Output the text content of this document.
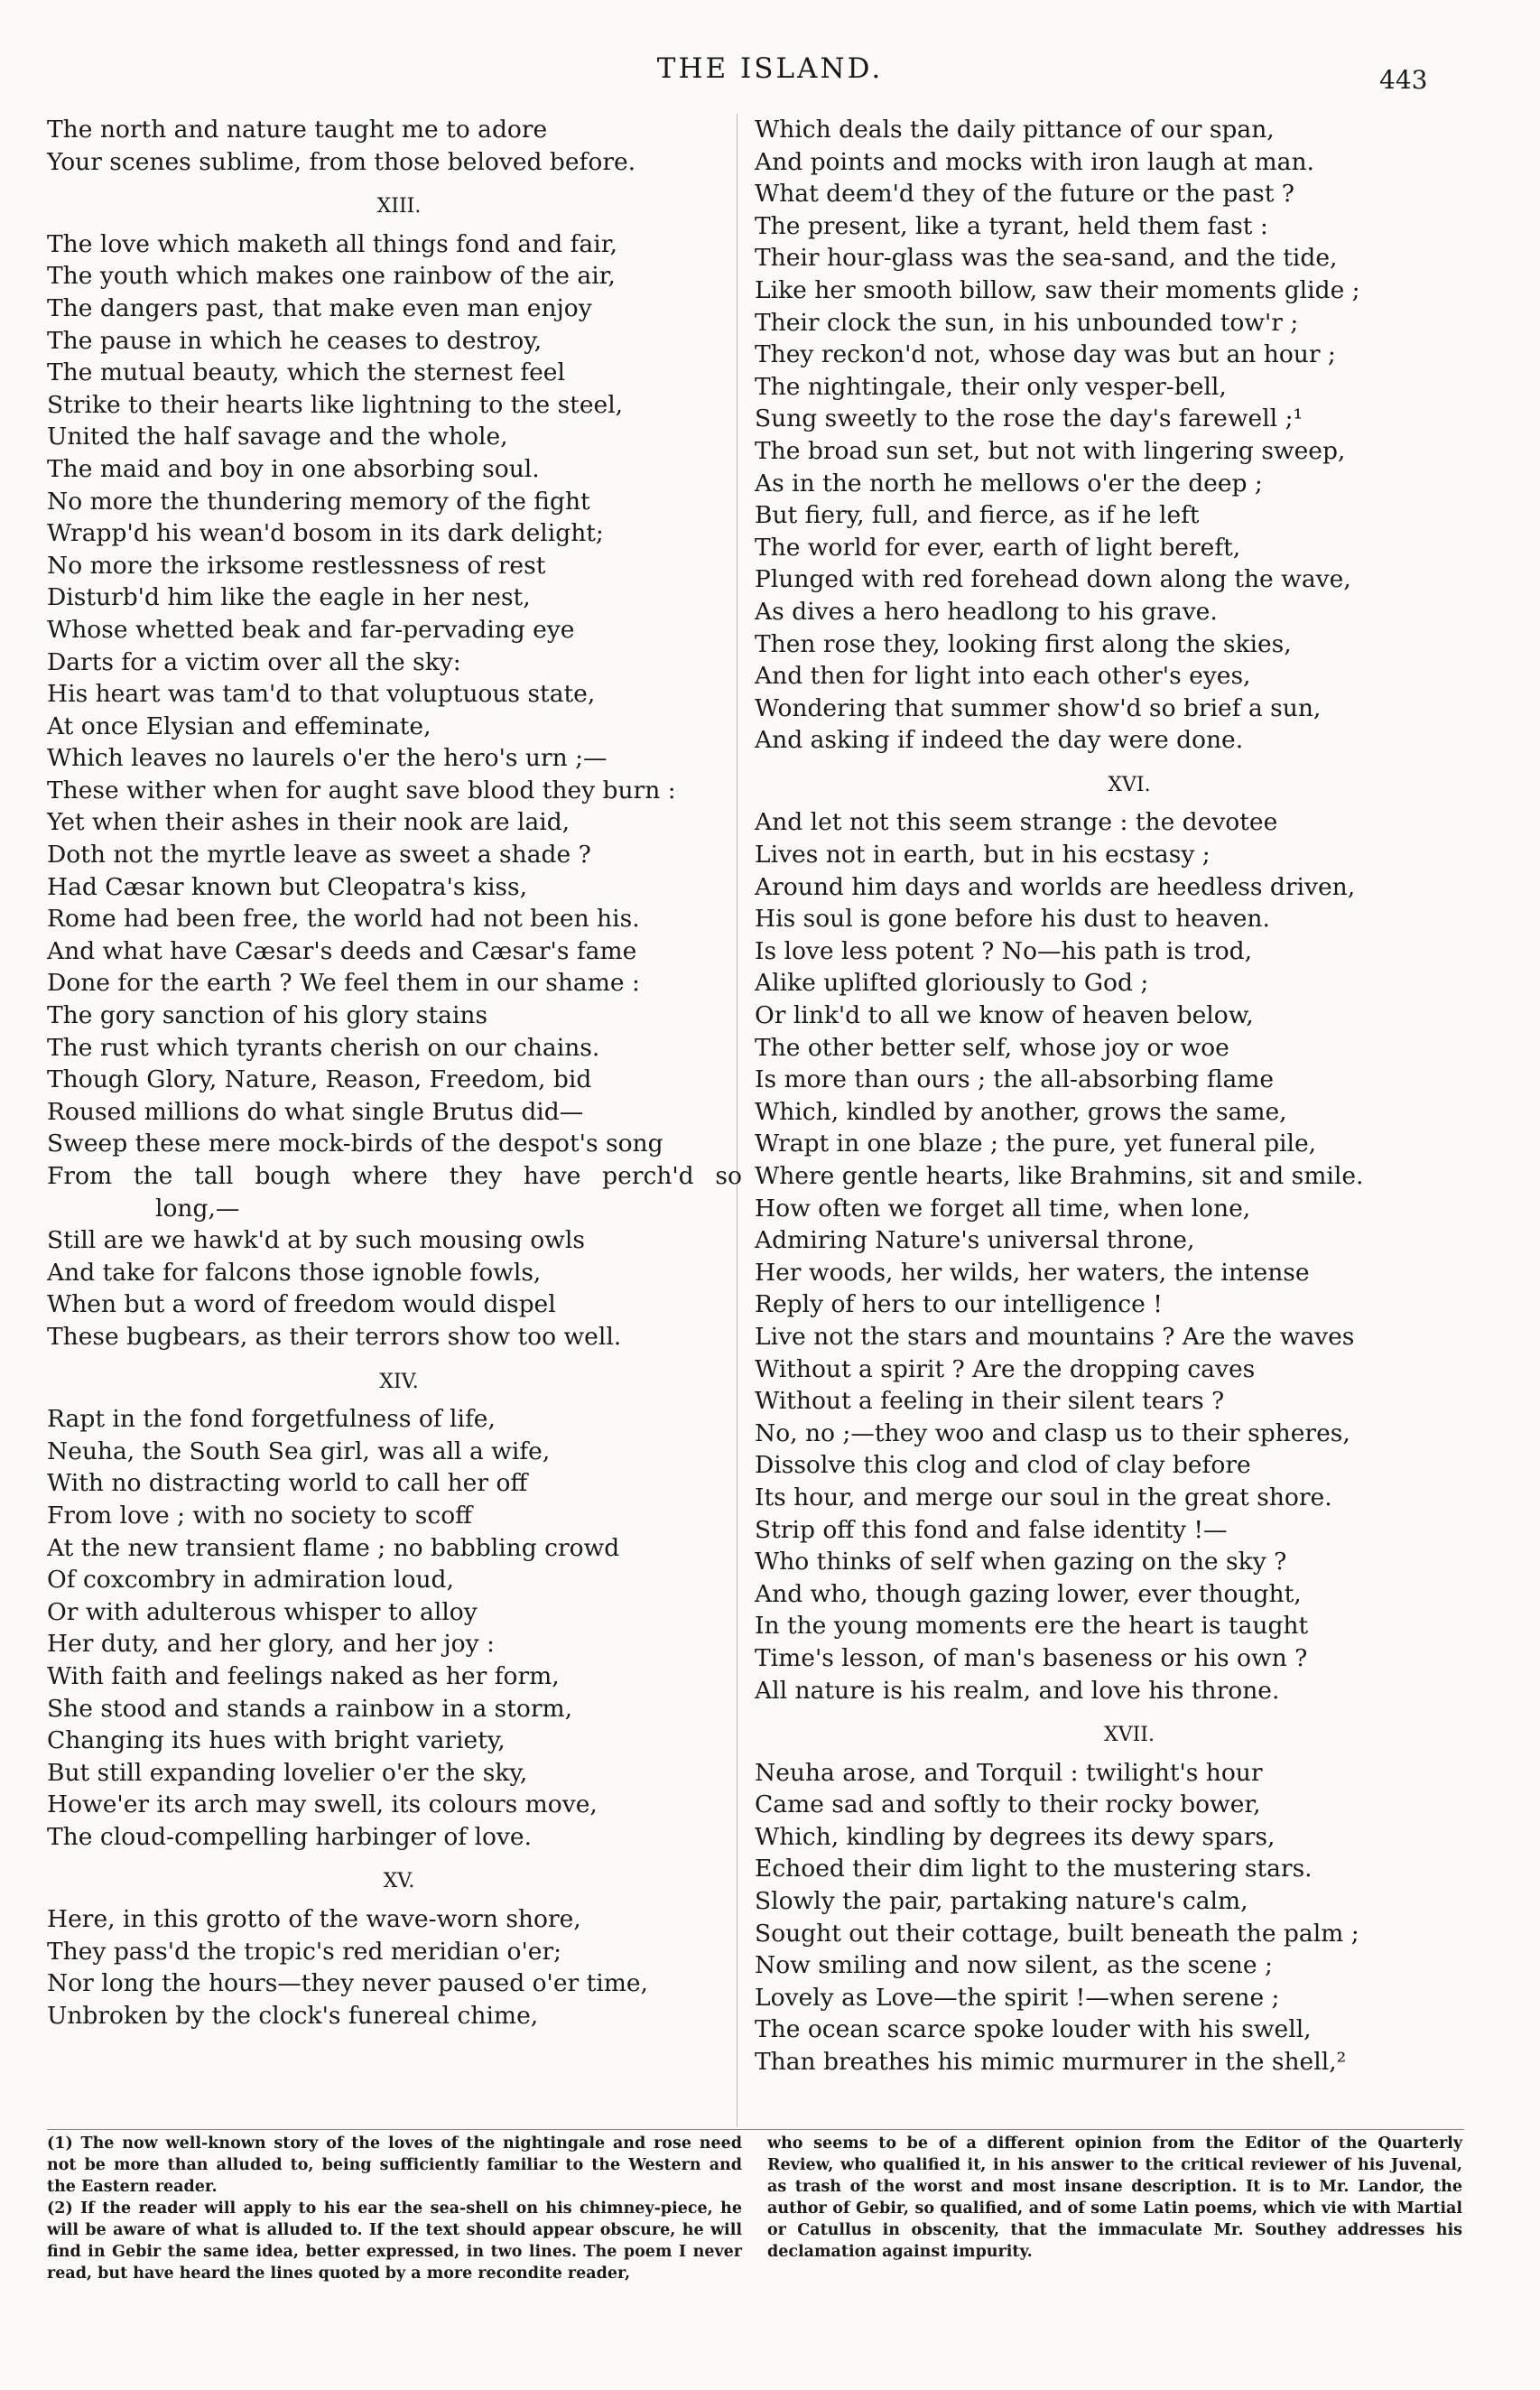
THE ISLAND.	443
The north and nature taught me to adore
Your scenes sublime, from those beloved before.
XIII.
The love which maketh all things fond and fair,
The youth which makes one rainbow of the air,
The dangers past, that make even man enjoy
The pause in which he ceases to destroy,
The mutual beauty, which the sternest feel
Strike to their hearts like lightning to the steel,
United the half savage and the whole,
The maid and boy in one absorbing soul.
No more the thundering memory of the fight
Wrapp'd his wean'd bosom in its dark delight;
No more the irksome restlessness of rest
Disturb'd him like the eagle in her nest,
Whose whetted beak and far-pervading eye
Darts for a victim over all the sky:
His heart was tam'd to that voluptuous state,
At once Elysian and effeminate,
Which leaves no laurels o'er the hero's urn ;—
These wither when for aught save blood they burn :
Yet when their ashes in their nook are laid,
Doth not the myrtle leave as sweet a shade ?
Had Cæsar known but Cleopatra's kiss,
Rome had been free, the world had not been his.
And what have Cæsar's deeds and Cæsar's fame
Done for the earth ? We feel them in our shame :
The gory sanction of his glory stains
The rust which tyrants cherish on our chains.
Though Glory, Nature, Reason, Freedom, bid
Roused millions do what single Brutus did—
Sweep these mere mock-birds of the despot's song
From the tall bough where they have perch'd so
long,—
Still are we hawk'd at by such mousing owls
And take for falcons those ignoble fowls,
When but a word of freedom would dispel
These bugbears, as their terrors show too well.
XIV.
Rapt in the fond forgetfulness of life,
Neuha, the South Sea girl, was all a wife,
With no distracting world to call her off
From love ; with no society to scoff
At the new transient flame ; no babbling crowd
Of coxcombry in admiration loud,
Or with adulterous whisper to alloy
Her duty, and her glory, and her joy :
With faith and feelings naked as her form,
She stood and stands a rainbow in a storm,
Changing its hues with bright variety,
But still expanding lovelier o'er the sky,
Howe'er its arch may swell, its colours move,
The cloud-compelling harbinger of love.
XV.
Here, in this grotto of the wave-worn shore,
They pass'd the tropic's red meridian o'er;
Nor long the hours—they never paused o'er time,
Unbroken by the clock's funereal chime,
Which deals the daily pittance of our span,
And points and mocks with iron laugh at man.
What deem'd they of the future or the past ?
The present, like a tyrant, held them fast :
Their hour-glass was the sea-sand, and the tide,
Like her smooth billow, saw their moments glide ;
Their clock the sun, in his unbounded tow'r ;
They reckon'd not, whose day was but an hour ;
The nightingale, their only vesper-bell,
Sung sweetly to the rose the day's farewell ;¹
The broad sun set, but not with lingering sweep,
As in the north he mellows o'er the deep ;
But fiery, full, and fierce, as if he left
The world for ever, earth of light bereft,
Plunged with red forehead down along the wave,
As dives a hero headlong to his grave.
Then rose they, looking first along the skies,
And then for light into each other's eyes,
Wondering that summer show'd so brief a sun,
And asking if indeed the day were done.
XVI.
And let not this seem strange : the devotee
Lives not in earth, but in his ecstasy ;
Around him days and worlds are heedless driven,
His soul is gone before his dust to heaven.
Is love less potent ? No—his path is trod,
Alike uplifted gloriously to God ;
Or link'd to all we know of heaven below,
The other better self, whose joy or woe
Is more than ours ; the all-absorbing flame
Which, kindled by another, grows the same,
Wrapt in one blaze ; the pure, yet funeral pile,
Where gentle hearts, like Brahmins, sit and smile.
How often we forget all time, when lone,
Admiring Nature's universal throne,
Her woods, her wilds, her waters, the intense
Reply of hers to our intelligence !
Live not the stars and mountains ? Are the waves
Without a spirit ? Are the dropping caves
Without a feeling in their silent tears ?
No, no ;—they woo and clasp us to their spheres,
Dissolve this clog and clod of clay before
Its hour, and merge our soul in the great shore.
Strip off this fond and false identity !—
Who thinks of self when gazing on the sky ?
And who, though gazing lower, ever thought,
In the young moments ere the heart is taught
Time's lesson, of man's baseness or his own ?
All nature is his realm, and love his throne.
XVII.
Neuha arose, and Torquil : twilight's hour
Came sad and softly to their rocky bower,
Which, kindling by degrees its dewy spars,
Echoed their dim light to the mustering stars.
Slowly the pair, partaking nature's calm,
Sought out their cottage, built beneath the palm ;
Now smiling and now silent, as the scene ;
Lovely as Love—the spirit !—when serene ;
The ocean scarce spoke louder with his swell,
Than breathes his mimic murmurer in the shell,²
(1) The now well-known story of the loves of the nightingale and rose need not be more than alluded to, being sufficiently familiar to the Western and the Eastern reader.
(2) If the reader will apply to his ear the sea-shell on his chimney-piece, he will be aware of what is alluded to. If the text should appear obscure, he will find in Gebir the same idea, better expressed, in two lines. The poem I never read, but have heard the lines quoted by a more recondite reader,
who seems to be of a different opinion from the Editor of the Quarterly Review, who qualified it, in his answer to the critical reviewer of his Juvenal, as trash of the worst and most insane description. It is to Mr. Landor, the author of Gebir, so qualified, and of some Latin poems, which vie with Martial or Catullus in obscenity, that the immaculate Mr. Southey addresses his declamation against impurity.
